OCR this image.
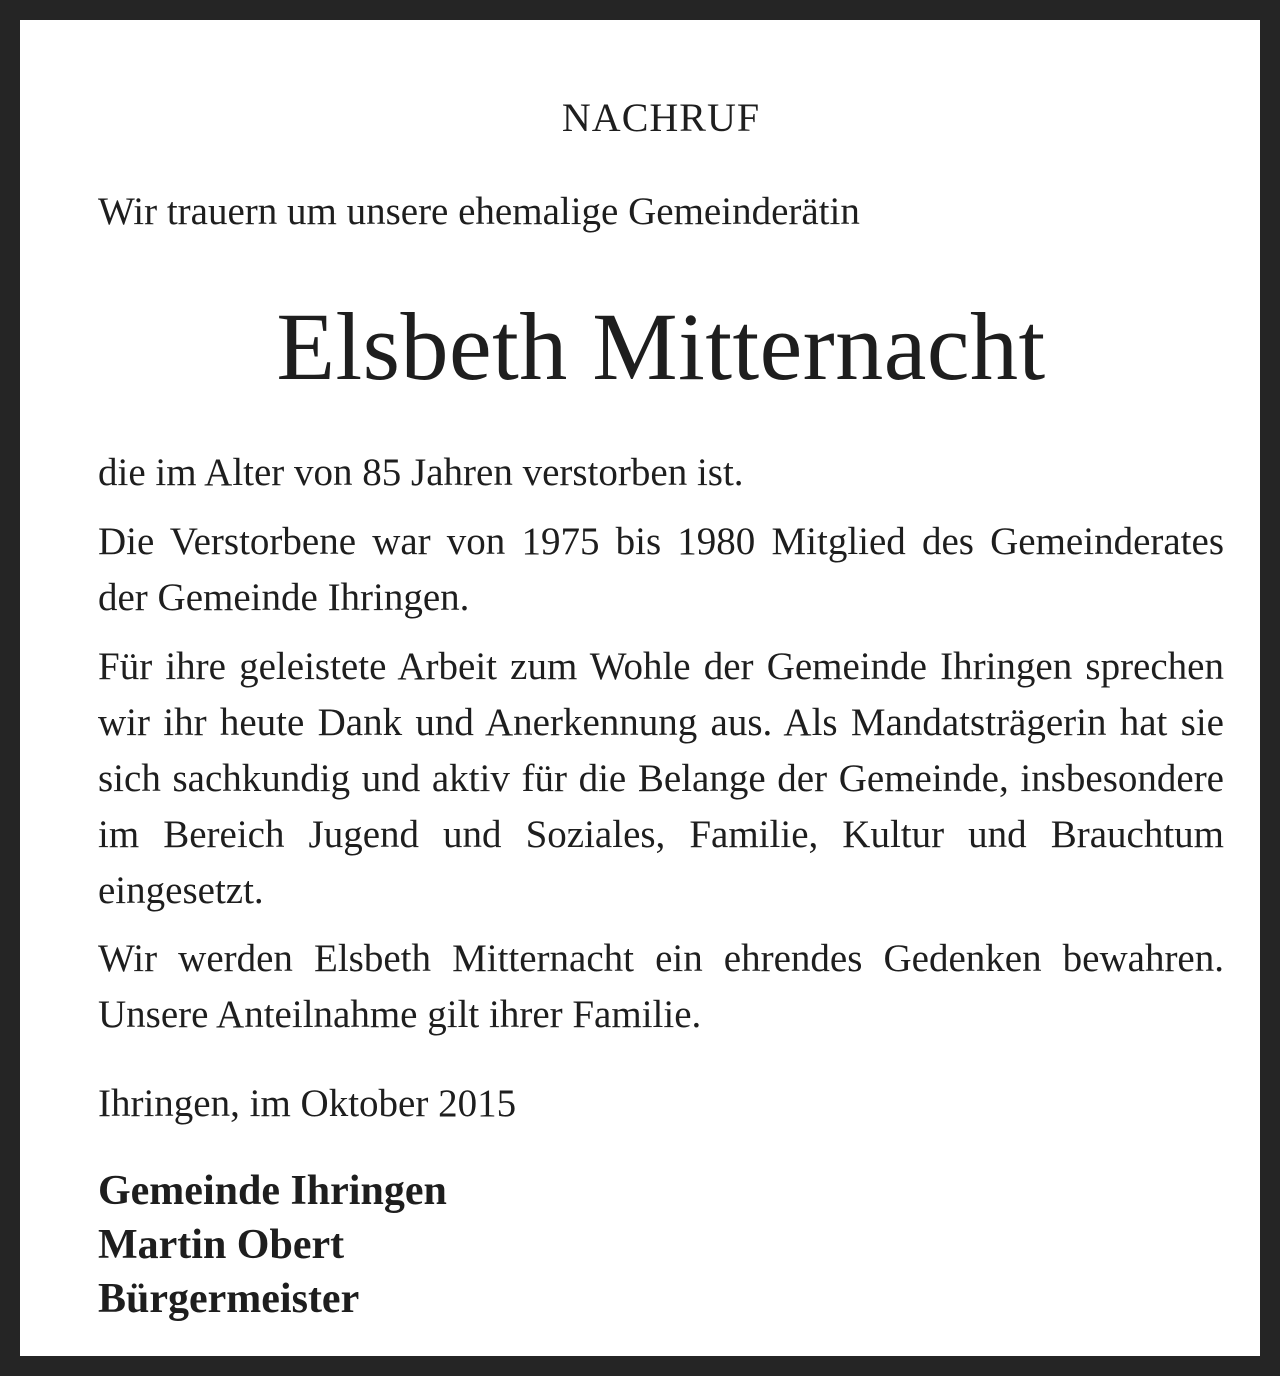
NACHRUF
Wir trauern um unsere ehemalige Gemeinderätin
Elsbeth Mitternacht
die im Alter von 85 Jahren verstorben ist.
Die Verstorbene war von 1975 bis 1980 Mitglied des Gemeinderates der Gemeinde Ihringen.
Für ihre geleistete Arbeit zum Wohle der Gemeinde Ihringen sprechen wir ihr heute Dank und Anerkennung aus. Als Mandatsträgerin hat sie sich sachkundig und aktiv für die Belange der Gemeinde, insbesondere im Bereich Jugend und Soziales, Familie, Kultur und Brauchtum eingesetzt.
Wir werden Elsbeth Mitternacht ein ehrendes Gedenken bewahren. Unsere Anteilnahme gilt ihrer Familie.
Ihringen, im Oktober 2015
Gemeinde Ihringen
Martin Obert
Bürgermeister
